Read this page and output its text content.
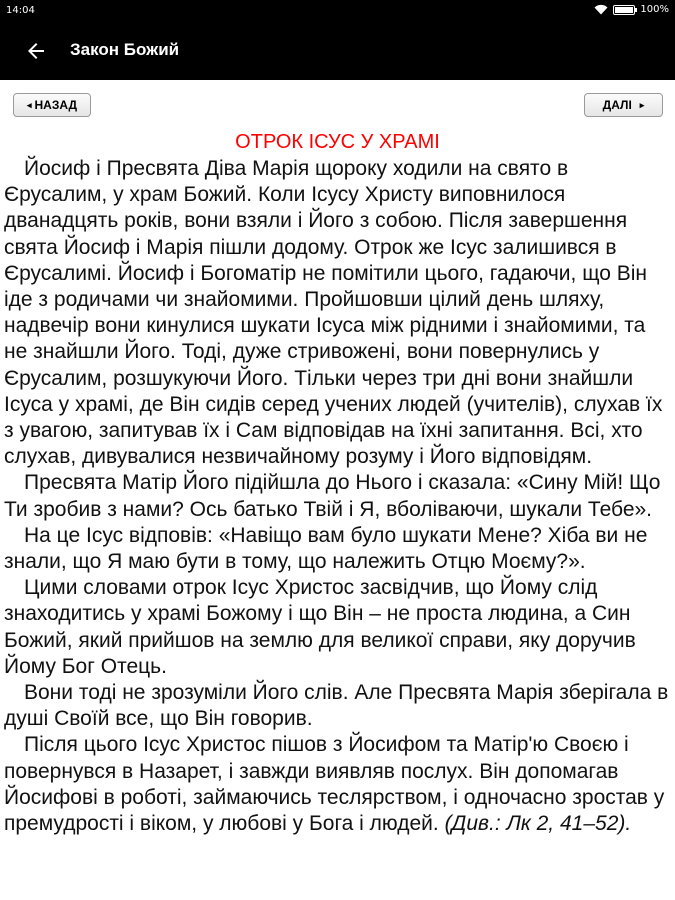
14:04	100%
Закон Божий
◂ НАЗАД	ДАЛІ ▸
ОТРОК ІСУС У ХРАМІ

Йосиф і Пресвята Діва Марія щороку ходили на свято в Єрусалим, у храм Божий. Коли Ісусу Христу виповнилося дванадцять років, вони взяли і Його з собою. Після завершення свята Йосиф і Марія пішли додому. Отрок же Ісус залишився в Єрусалимі. Йосиф і Богоматір не помітили цього, гадаючи, що Він іде з родичами чи знайомими. Пройшовши цілий день шляху, надвечір вони кинулися шукати Ісуса між рідними і знайомими, та не знайшли Його. Тоді, дуже стривожені, вони повернулись у Єрусалим, розшукуючи Його. Тільки через три дні вони знайшли Ісуса у храмі, де Він сидів серед учених людей (учителів), слухав їх з увагою, запитував їх і Сам відповідав на їхні запитання. Всі, хто слухав, дивувалися незвичайному розуму і Його відповідям.

Пресвята Матір Його підійшла до Нього і сказала: «Сину Мій! Що Ти зробив з нами? Ось батько Твій і Я, вболіваючи, шукали Тебе».

На це Ісус відповів: «Навіщо вам було шукати Мене? Хіба ви не знали, що Я маю бути в тому, що належить Отцю Моєму?».

Цими словами отрок Ісус Христос засвідчив, що Йому слід знаходитись у храмі Божому і що Він – не проста людина, а Син Божий, який прийшов на землю для великої справи, яку доручив Йому Бог Отець.

Вони тоді не зрозуміли Його слів. Але Пресвята Марія зберігала в душі Своїй все, що Він говорив.

Після цього Ісус Христос пішов з Йосифом та Матір'ю Своєю і повернувся в Назарет, і завжди виявляв послух. Він допомагав Йосифові в роботі, займаючись теслярством, і одночасно зростав у премудрості і віком, у любові у Бога і людей. (Див.: Лк 2, 41–52).
